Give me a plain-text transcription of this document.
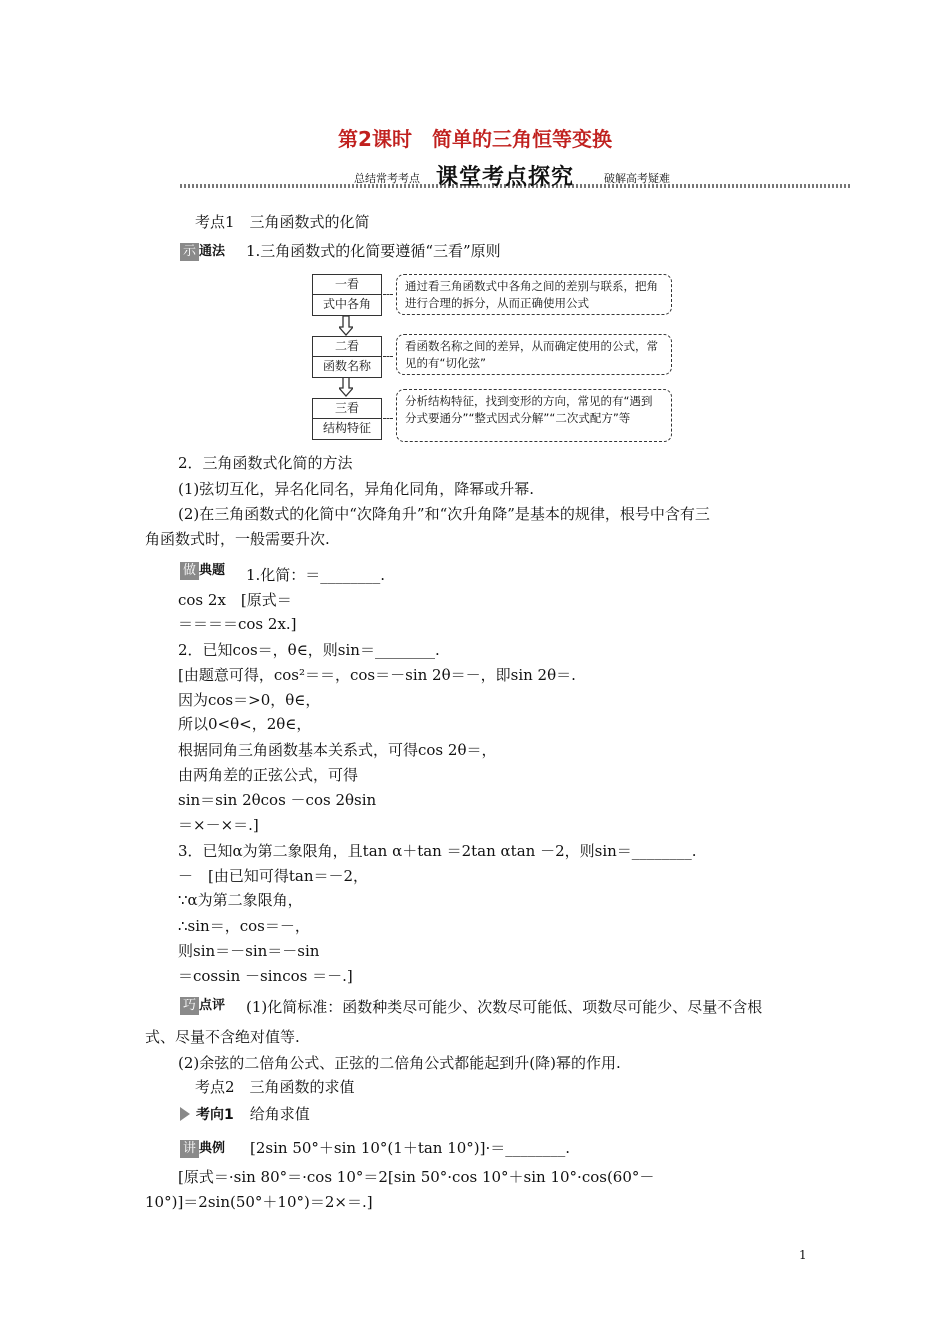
第2课时　简单的三角恒等变换
总结常考考点 课堂考点探究	破解高考疑难
考点1　三角函数式的化简
示 通法 1.三角函数式的化简要遵循“三看”原则
一看
式中各角
通过看三角函数式中各角之间的差别与联系，把角进行合理的拆分，从而正确使用公式
二看
函数名称
看函数名称之间的差异，从而确定使用的公式，常见的有“切化弦”
三看
结构特征
分析结构特征，找到变形的方向，常见的有“遇到分式要通分”“整式因式分解”“二次式配方”等
2．三角函数式化简的方法
(1)弦切互化，异名化同名，异角化同角，降幂或升幂.
(2)在三角函数式的化简中“次降角升”和“次升角降”是基本的规律，根号中含有三
角函数式时，一般需要升次.
做 典题 1.化简：＝________.
cos 2x　[原式＝
＝＝＝＝cos 2x.]
2．已知cos＝，θ∈，则sin＝________.
[由题意可得，cos²＝＝，cos＝－sin 2θ＝－，即sin 2θ＝.
因为cos＝>0，θ∈，
所以0<θ<，2θ∈，
根据同角三角函数基本关系式，可得cos 2θ＝，
由两角差的正弦公式，可得
sin＝sin 2θcos －cos 2θsin
＝×－×＝.]
3．已知α为第二象限角，且tan α＋tan ＝2tan αtan －2，则sin＝________.
－　[由已知可得tan＝－2，
∵α为第二象限角，
∴sin＝，cos＝－，
则sin＝－sin＝－sin
＝cossin －sincos ＝－.]
巧 点评 (1)化简标准：函数种类尽可能少、次数尽可能低、项数尽可能少、尽量不含根
式、尽量不含绝对值等.
(2)余弦的二倍角公式、正弦的二倍角公式都能起到升(降)幂的作用.
考点2　三角函数的求值
考向1 给角求值
讲 典例 [2sin 50°＋sin 10°(1＋tan 10°)]·＝________.
[原式＝·sin 80°＝·cos 10°＝2[sin 50°·cos 10°＋sin 10°·cos(60°－
10°)]＝2sin(50°＋10°)＝2×＝.]
1
